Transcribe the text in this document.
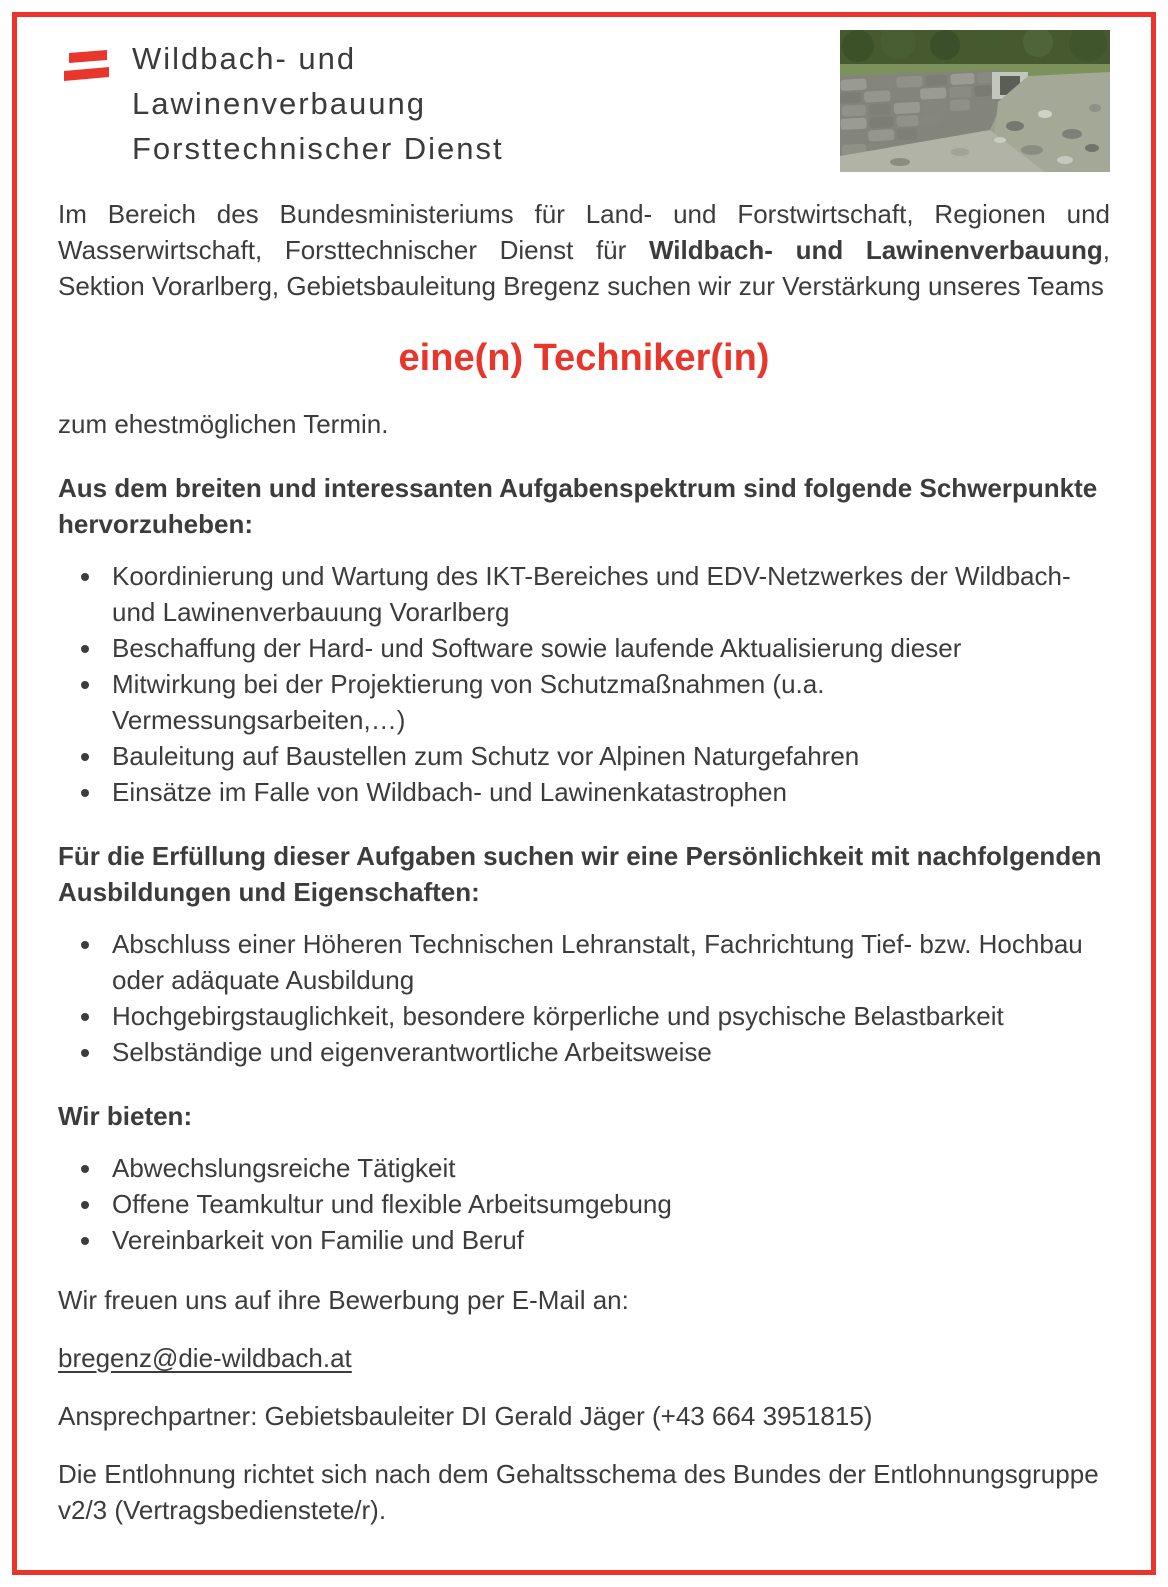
Wildbach- und
Lawinenverbauung
Forsttechnischer Dienst

Im Bereich des Bundesministeriums für Land- und Forstwirtschaft, Regionen und Wasserwirtschaft, Forsttechnischer Dienst für Wildbach- und Lawinenverbauung, Sektion Vorarlberg, Gebietsbauleitung Bregenz suchen wir zur Verstärkung unseres Teams

eine(n) Techniker(in)

zum ehestmöglichen Termin.

Aus dem breiten und interessanten Aufgabenspektrum sind folgende Schwerpunkte hervorzuheben:
• Koordinierung und Wartung des IKT-Bereiches und EDV-Netzwerkes der Wildbach- und Lawinenverbauung Vorarlberg
• Beschaffung der Hard- und Software sowie laufende Aktualisierung dieser
• Mitwirkung bei der Projektierung von Schutzmaßnahmen (u.a. Vermessungsarbeiten,…)
• Bauleitung auf Baustellen zum Schutz vor Alpinen Naturgefahren
• Einsätze im Falle von Wildbach- und Lawinenkatastrophen
Für die Erfüllung dieser Aufgaben suchen wir eine Persönlichkeit mit nachfolgenden Ausbildungen und Eigenschaften:
• Abschluss einer Höheren Technischen Lehranstalt, Fachrichtung Tief- bzw. Hochbau oder adäquate Ausbildung
• Hochgebirgstauglichkeit, besondere körperliche und psychische Belastbarkeit
• Selbständige und eigenverantwortliche Arbeitsweise
Wir bieten:
• Abwechslungsreiche Tätigkeit
• Offene Teamkultur und flexible Arbeitsumgebung
• Vereinbarkeit von Familie und Beruf

Wir freuen uns auf ihre Bewerbung per E-Mail an:

bregenz@die-wildbach.at

Ansprechpartner: Gebietsbauleiter DI Gerald Jäger (+43 664 3951815)

Die Entlohnung richtet sich nach dem Gehaltsschema des Bundes der Entlohnungsgruppe v2/3 (Vertragsbedienstete/r).
